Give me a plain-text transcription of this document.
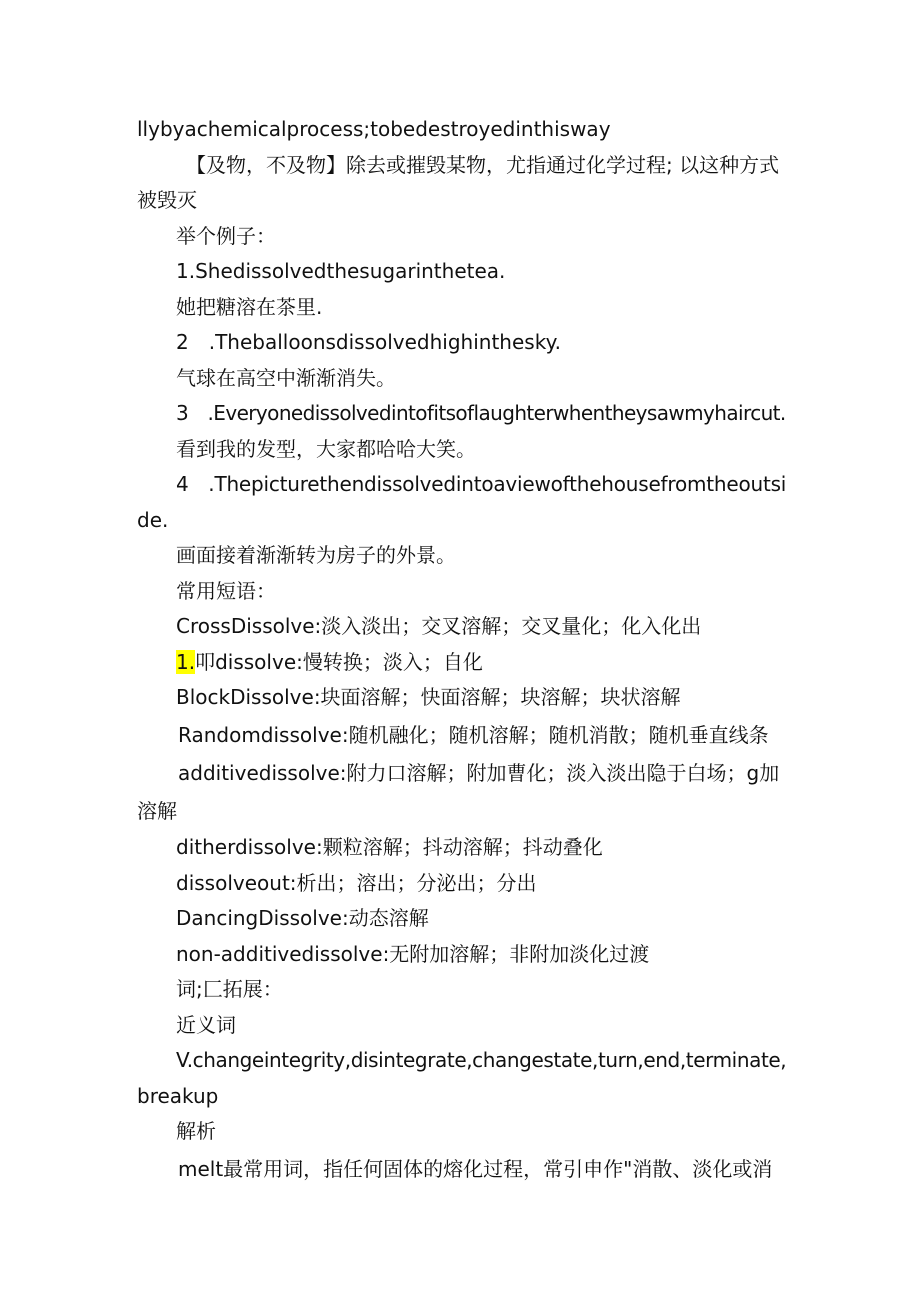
llybyachemicalprocess;tobedestroyedinthisway

【及物，不及物】除去或摧毁某物，尤指通过化学过程; 以这种方式

被毁灭

举个例子：

1.Shedissolvedthesugarinthetea.

她把糖溶在茶里.

2　.Theballoonsdissolvedhighinthesky.

气球在高空中渐渐消失。

3　.Everyonedissolvedintofitsoflaughterwhentheysawmyhaircut.

看到我的发型，大家都哈哈大笑。

4　.Thepicturethendissolvedintoaviewofthehousefromtheoutsi

de.

画面接着渐渐转为房子的外景。

常用短语：

CrossDissolve:淡入淡出；交叉溶解；交叉量化；化入化出

1.叩dissolve:慢转换；淡入；自化

BlockDissolve:块面溶解；快面溶解；块溶解；块状溶解

Randomdissolve:随机融化；随机溶解；随机消散；随机垂直线条

additivedissolve:附力口溶解；附加曹化；淡入淡出隐于白场；g加

溶解

ditherdissolve:颗粒溶解；抖动溶解；抖动叠化

dissolveout:析出；溶出；分泌出；分出

DancingDissolve:动态溶解

non-additivedissolve:无附加溶解；非附加淡化过渡

词;匚拓展：

近义词

V.changeintegrity,disintegrate,changestate,turn,end,terminate,

breakup

解析

melt最常用词，指任何固体的熔化过程，常引申作"消散、淡化或消
